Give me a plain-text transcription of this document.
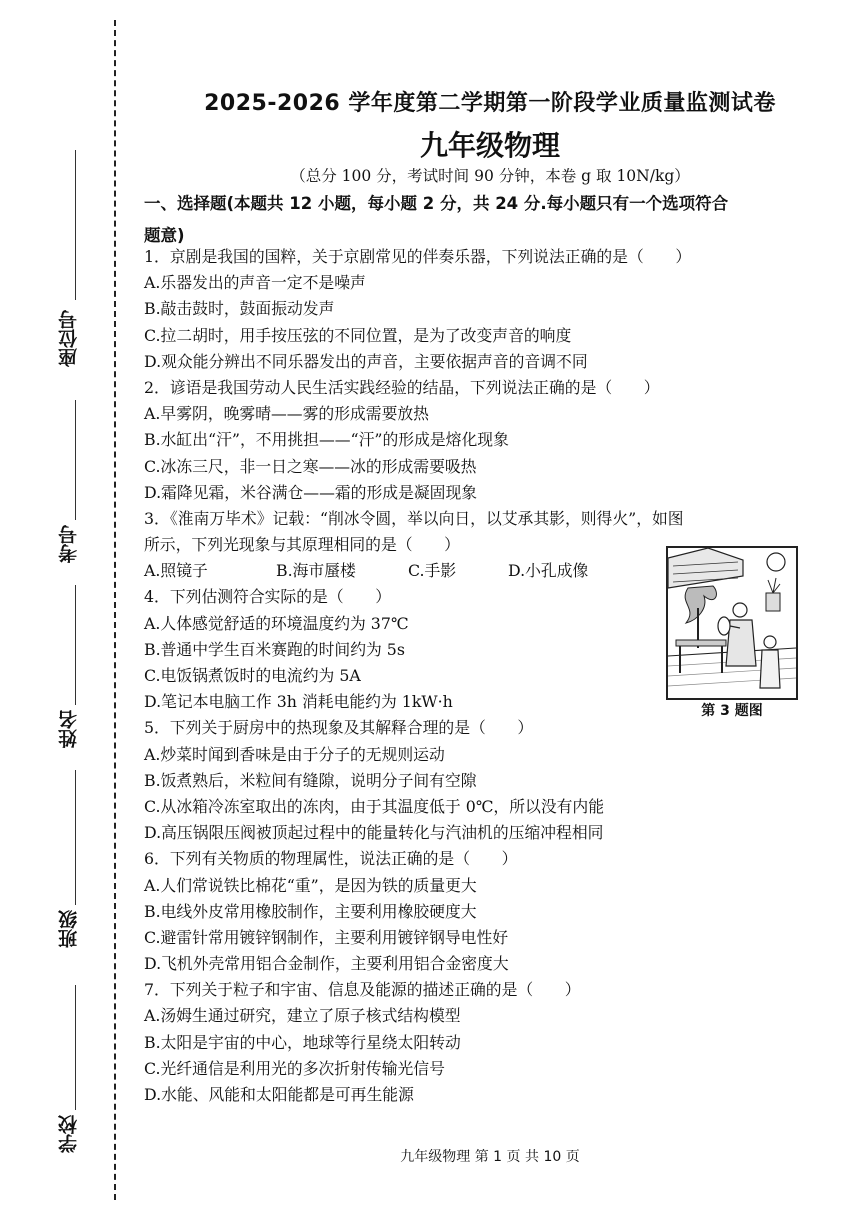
座位号
考号
姓名
班级
学校
2025-2026 学年度第二学期第一阶段学业质量监测试卷
九年级物理
（总分 100 分，考试时间 90 分钟，本卷 g 取 10N/kg）
一、选择题(本题共 12 小题，每小题 2 分，共 24 分.每小题只有一个选项符合
题意)
1．京剧是我国的国粹，关于京剧常见的伴奏乐器，下列说法正确的是（　　）
A.乐器发出的声音一定不是噪声
B.敲击鼓时，鼓面振动发声
C.拉二胡时，用手按压弦的不同位置，是为了改变声音的响度
D.观众能分辨出不同乐器发出的声音，主要依据声音的音调不同
2．谚语是我国劳动人民生活实践经验的结晶，下列说法正确的是（　　）
A.早雾阴，晚雾晴——雾的形成需要放热
B.水缸出“汗”，不用挑担——“汗”的形成是熔化现象
C.冰冻三尺，非一日之寒——冰的形成需要吸热
D.霜降见霜，米谷满仓——霜的形成是凝固现象
3．《淮南万毕术》记载：“削冰令圆，举以向日，以艾承其影，则得火”，如图
所示，下列光现象与其原理相同的是（　　）
A.照镜子	B.海市蜃楼	C.手影	D.小孔成像
4．下列估测符合实际的是（　　）
A.人体感觉舒适的环境温度约为 37℃
B.普通中学生百米赛跑的时间约为 5s
C.电饭锅煮饭时的电流约为 5A
D.笔记本电脑工作 3h 消耗电能约为 1kW·h
5．下列关于厨房中的热现象及其解释合理的是（　　）
A.炒菜时闻到香味是由于分子的无规则运动
B.饭煮熟后，米粒间有缝隙，说明分子间有空隙
C.从冰箱冷冻室取出的冻肉，由于其温度低于 0℃，所以没有内能
D.高压锅限压阀被顶起过程中的能量转化与汽油机的压缩冲程相同
6．下列有关物质的物理属性，说法正确的是（　　）
A.人们常说铁比棉花“重”，是因为铁的质量更大
B.电线外皮常用橡胶制作，主要利用橡胶硬度大
C.避雷针常用镀锌钢制作，主要利用镀锌钢导电性好
D.飞机外壳常用铝合金制作，主要利用铝合金密度大
7．下列关于粒子和宇宙、信息及能源的描述正确的是（　　）
A.汤姆生通过研究，建立了原子核式结构模型
B.太阳是宇宙的中心，地球等行星绕太阳转动
C.光纤通信是利用光的多次折射传输光信号
D.水能、风能和太阳能都是可再生能源
第 3 题图
九年级物理 第 1 页 共 10 页
